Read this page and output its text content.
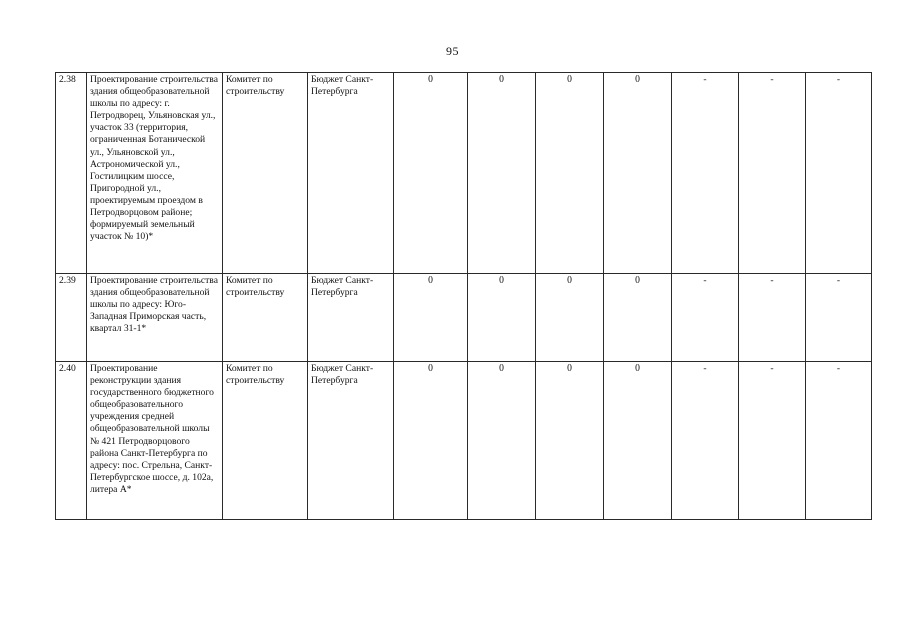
95
2.38	Проектирование строительства здания общеобразовательной школы по адресу: г. Петродворец, Ульяновская ул., участок 33 (территория, ограниченная Ботанической ул., Ульяновской ул., Астрономической ул., Гостилицким шоссе, Пригородной ул., проектируемым проездом в Петродворцовом районе; формируемый земельный участок № 10)*	Комитет по строительству	Бюджет Санкт-Петербурга	0	0	0	0	-	-	-
2.39	Проектирование строительства здания общеобразовательной школы по адресу: Юго-Западная Приморская часть, квартал 31-1*	Комитет по строительству	Бюджет Санкт-Петербурга	0	0	0	0	-	-	-
2.40	Проектирование реконструкции здания государственного бюджетного общеобразовательного учреждения средней общеобразовательной школы № 421 Петродворцового района Санкт-Петербурга по адресу: пос. Стрельна, Санкт-Петербургское шоссе, д. 102а, литера А*	Комитет по строительству	Бюджет Санкт-Петербурга	0	0	0	0	-	-	-
